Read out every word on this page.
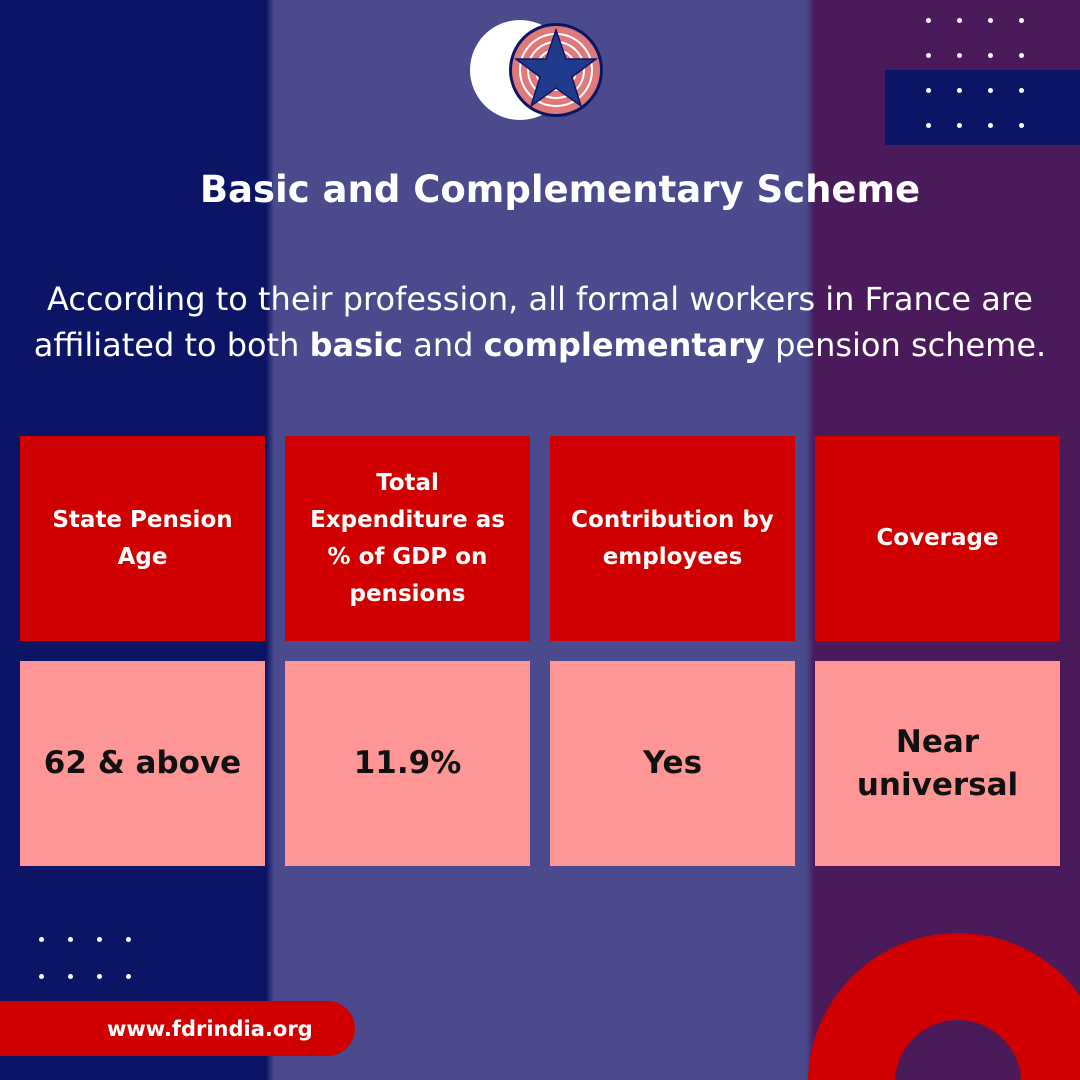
Basic and Complementary Scheme
According to their profession, all formal workers in France are affiliated to both basic and complementary pension scheme.
State Pension Age
Total Expenditure as % of GDP on pensions
Contribution by employees
Coverage
62 & above	11.9%	Yes
Near universal
www.fdrindia.org
